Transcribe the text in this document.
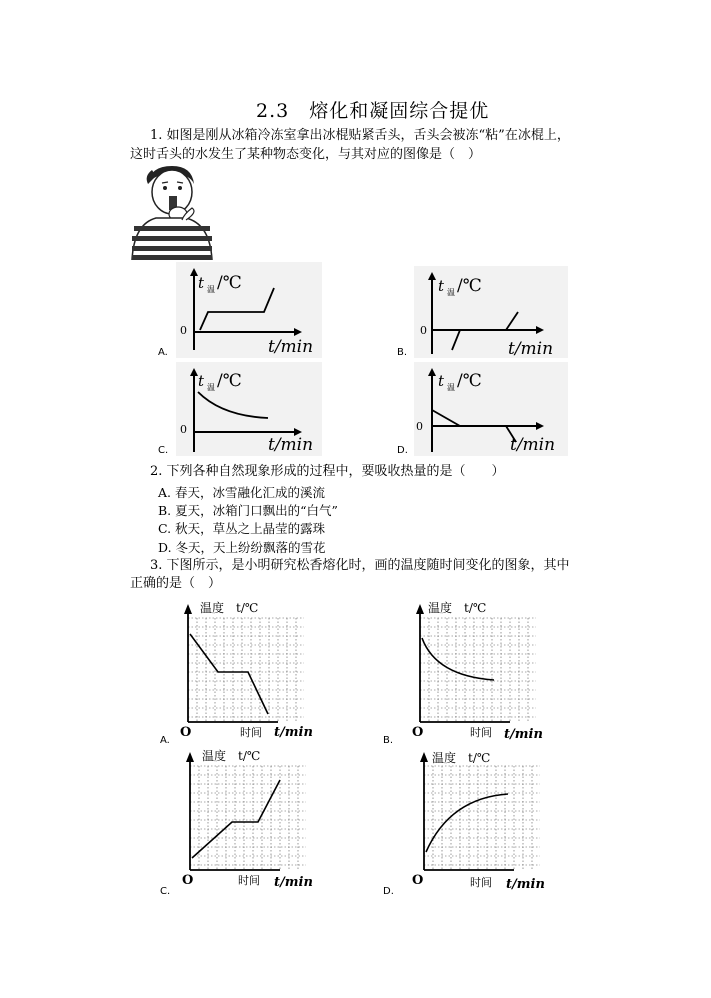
2.3　熔化和凝固综合提优
1. 如图是刚从冰箱冷冻室拿出冰棍贴紧舌头，舌头会被冻“粘”在冰棍上，
这时舌头的水发生了某种物态变化，与其对应的图像是（　）
t 温 /℃
0
t/min
A.
t 温 /℃
0
t/min
B.
t 温 /℃
0
t/min
C.
t 温 /℃
0
t/min
D.
2. 下列各种自然现象形成的过程中，要吸收热量的是（　　）
A. 春天，冰雪融化汇成的溪流
B. 夏天，冰箱门口飘出的“白气”
C. 秋天，草丛之上晶莹的露珠
D. 冬天，天上纷纷飘落的雪花
3. 下图所示，是小明研究松香熔化时，画的温度随时间变化的图象，其中
正确的是（　）
温度　t/℃
O	时间 t/min
A.
温度　t/℃
O	时间 t/min
B.
温度　t/℃
O	时间 t/min
C.
温度　t/℃
O	时间 t/min
D.
